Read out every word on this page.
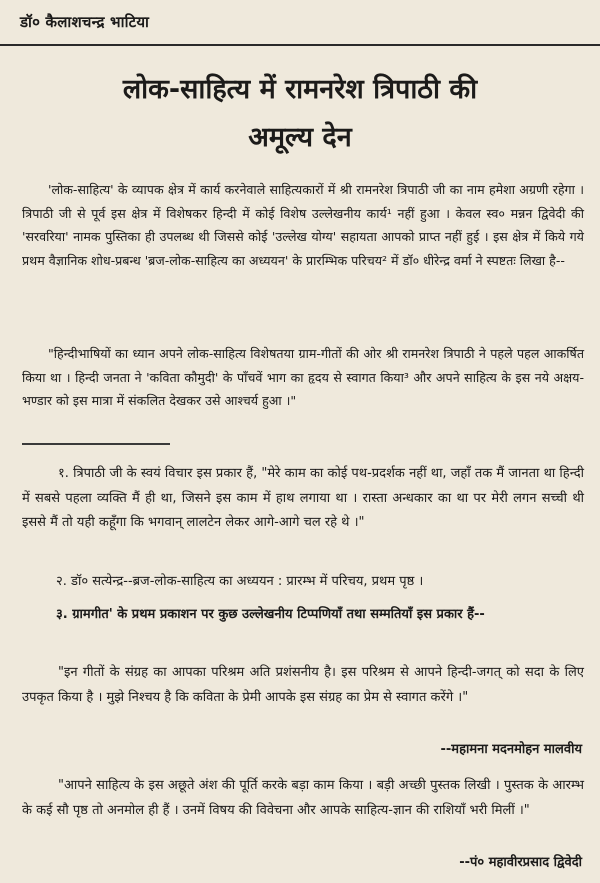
डॉ० कैलाशचन्द्र भाटिया
लोक-साहित्य में रामनरेश त्रिपाठी की
अमूल्य देन
'लोक-साहित्य' के व्यापक क्षेत्र में कार्य करनेवाले साहित्यकारों में श्री रामनरेश त्रिपाठी जी का नाम हमेशा अग्रणी रहेगा । त्रिपाठी जी से पूर्व इस क्षेत्र में विशेषकर हिन्दी में कोई विशेष उल्लेखनीय कार्य¹ नहीं हुआ । केवल स्व० मन्नन द्विवेदी की 'सरवरिया' नामक पुस्तिका ही उपलब्ध थी जिससे कोई 'उल्लेख योग्य' सहायता आपको प्राप्त नहीं हुई । इस क्षेत्र में किये गये प्रथम वैज्ञानिक शोध-प्रबन्ध 'ब्रज-लोक-साहित्य का अध्ययन' के प्रारम्भिक परिचय² में डॉ० धीरेन्द्र वर्मा ने स्पष्टतः लिखा है--
"हिन्दीभाषियों का ध्यान अपने लोक-साहित्य विशेषतया ग्राम-गीतों की ओर श्री रामनरेश त्रिपाठी ने पहले पहल आकर्षित किया था । हिन्दी जनता ने 'कविता कौमुदी' के पाँचवें भाग का हृदय से स्वागत किया³ और अपने साहित्य के इस नये अक्षय-भण्डार को इस मात्रा में संकलित देखकर उसे आश्चर्य हुआ ।"
१. त्रिपाठी जी के स्वयं विचार इस प्रकार हैं, "मेरे काम का कोई पथ-प्रदर्शक नहीं था, जहाँ तक मैं जानता था हिन्दी में सबसे पहला व्यक्ति मैं ही था, जिसने इस काम में हाथ लगाया था । रास्ता अन्धकार का था पर मेरी लगन सच्ची थी इससे मैं तो यही कहूँगा कि भगवान् लालटेन लेकर आगे-आगे चल रहे थे ।"
२. डॉ० सत्येन्द्र--ब्रज-लोक-साहित्य का अध्ययन : प्रारम्भ में परिचय, प्रथम पृष्ठ ।
३. ग्रामगीत' के प्रथम प्रकाशन पर कुछ उल्लेखनीय टिप्पणियाँ तथा सम्मतियाँ इस प्रकार हैं--
"इन गीतों के संग्रह का आपका परिश्रम अति प्रशंसनीय है। इस परिश्रम से आपने हिन्दी-जगत् को सदा के लिए उपकृत किया है । मुझे निश्चय है कि कविता के प्रेमी आपके इस संग्रह का प्रेम से स्वागत करेंगे ।"
--महामना मदनमोहन मालवीय
"आपने साहित्य के इस अछूते अंश की पूर्ति करके बड़ा काम किया । बड़ी अच्छी पुस्तक लिखी । पुस्तक के आरम्भ के कई सौ पृष्ठ तो अनमोल ही हैं । उनमें विषय की विवेचना और आपके साहित्य-ज्ञान की राशियाँ भरी मिलीं ।"
--पं० महावीरप्रसाद द्विवेदी
